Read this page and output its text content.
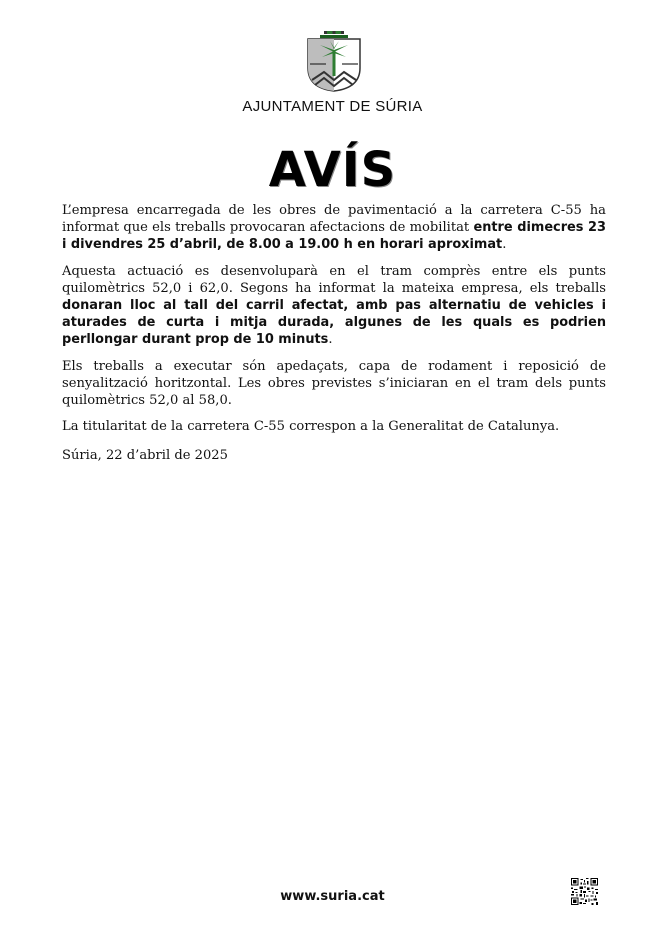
AJUNTAMENT DE SÚRIA
AVÍS

L’empresa encarregada de les obres de pavimentació a la carretera C-55 ha informat que els treballs provocaran afectacions de mobilitat entre dimecres 23 i divendres 25 d’abril, de 8.00 a 19.00 h en horari aproximat.

Aquesta actuació es desenvoluparà en el tram comprès entre els punts quilomètrics 52,0 i 62,0. Segons ha informat la mateixa empresa, els treballs donaran lloc al tall del carril afectat, amb pas alternatiu de vehicles i aturades de curta i mitja durada, algunes de les quals es podrien perllongar durant prop de 10 minuts.

Els treballs a executar són apedaçats, capa de rodament i reposició de senyalització horitzontal. Les obres previstes s’iniciaran en el tram dels punts quilomètrics 52,0 al 58,0.

La titularitat de la carretera C-55 correspon a la Generalitat de Catalunya.

Súria, 22 d’abril de 2025

www.suria.cat
